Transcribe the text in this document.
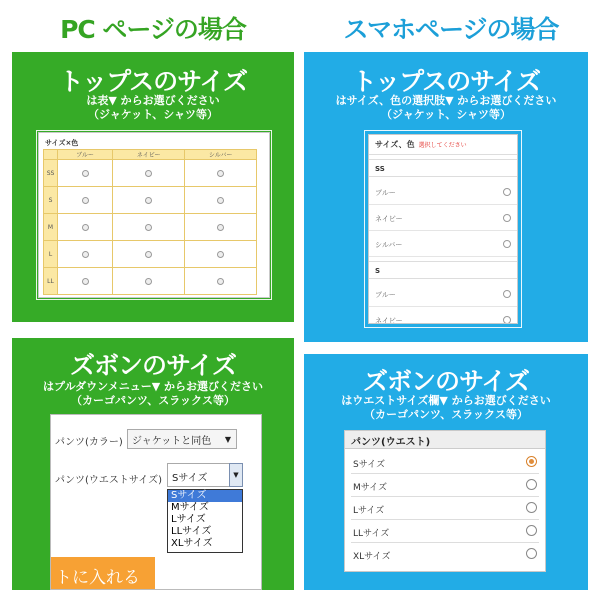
PC ページの場合	スマホページの場合
トップスのサイズ
は表▼ からお選びください
（ジャケット、シャツ等）
サイズ×色
	ブルー	ネイビー	シルバー
SS			
S			
M			
L			
LL			
トップスのサイズ
はサイズ、色の選択肢▼ からお選びください
（ジャケット、シャツ等）
サイズ、色 選択してください
SS
ブルー
ネイビー
シルバー
S
ブルー
ネイビー
ズボンのサイズ
はプルダウンメニュー▼ からお選びください
（カーゴパンツ、スラックス等）
パンツ(カラー) ジャケットと同色 ▼
パンツ(ウエストサイズ) Sサイズ	▼
Sサイズ
Mサイズ
Lサイズ
LLサイズ
XLサイズ
トに入れる
ズボンのサイズ
はウエストサイズ欄▼ からお選びください
（カーゴパンツ、スラックス等）
パンツ(ウエスト)
Sサイズ
Mサイズ
Lサイズ
LLサイズ
XLサイズ
